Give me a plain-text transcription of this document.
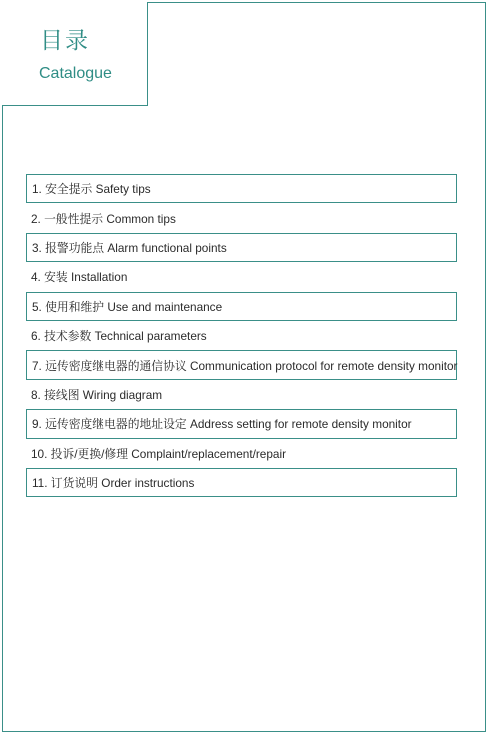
目录
Catalogue
1. 安全提示 Safety tips
2. 一般性提示 Common tips
3. 报警功能点 Alarm functional points
4. 安装 Installation
5. 使用和维护 Use and maintenance
6. 技术参数 Technical parameters
7. 远传密度继电器的通信协议 Communication protocol for remote density monitor
8. 接线图 Wiring diagram
9. 远传密度继电器的地址设定 Address setting for remote density monitor
10. 投诉/更换/修理 Complaint/replacement/repair
11. 订货说明 Order instructions
